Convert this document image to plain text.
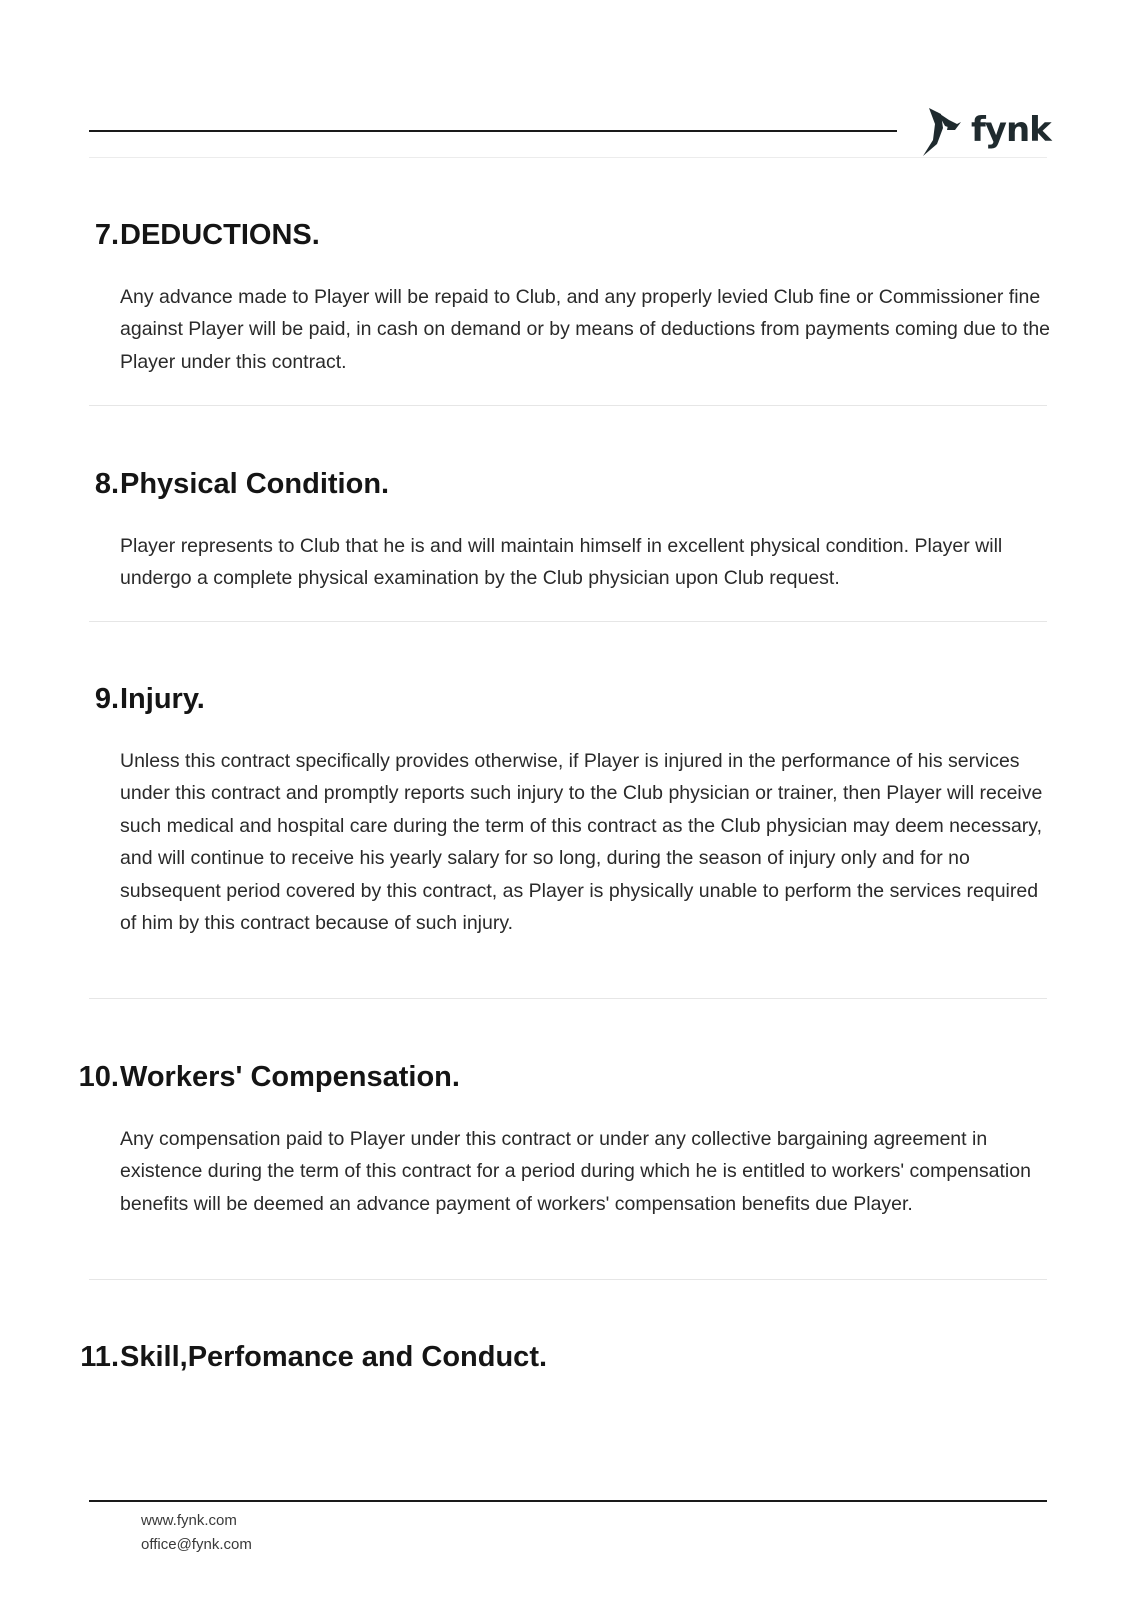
fynk
7. DEDUCTIONS.

Any advance made to Player will be repaid to Club, and any properly levied Club fine or Commissioner fine against Player will be paid, in cash on demand or by means of deductions from payments coming due to the Player under this contract.

8. Physical Condition.

Player represents to Club that he is and will maintain himself in excellent physical condition. Player will undergo a complete physical examination by the Club physician upon Club request.

9. Injury.

Unless this contract specifically provides otherwise, if Player is injured in the performance of his services under this contract and promptly reports such injury to the Club physician or trainer, then Player will receive such medical and hospital care during the term of this contract as the Club physician may deem necessary, and will continue to receive his yearly salary for so long, during the season of injury only and for no subsequent period covered by this contract, as Player is physically unable to perform the services required of him by this contract because of such injury.

10. Workers' Compensation.

Any compensation paid to Player under this contract or under any collective bargaining agreement in existence during the term of this contract for a period during which he is entitled to workers' compensation benefits will be deemed an advance payment of workers' compensation benefits due Player.

11. Skill,Perfomance and Conduct.
www.fynk.com
office@fynk.com
